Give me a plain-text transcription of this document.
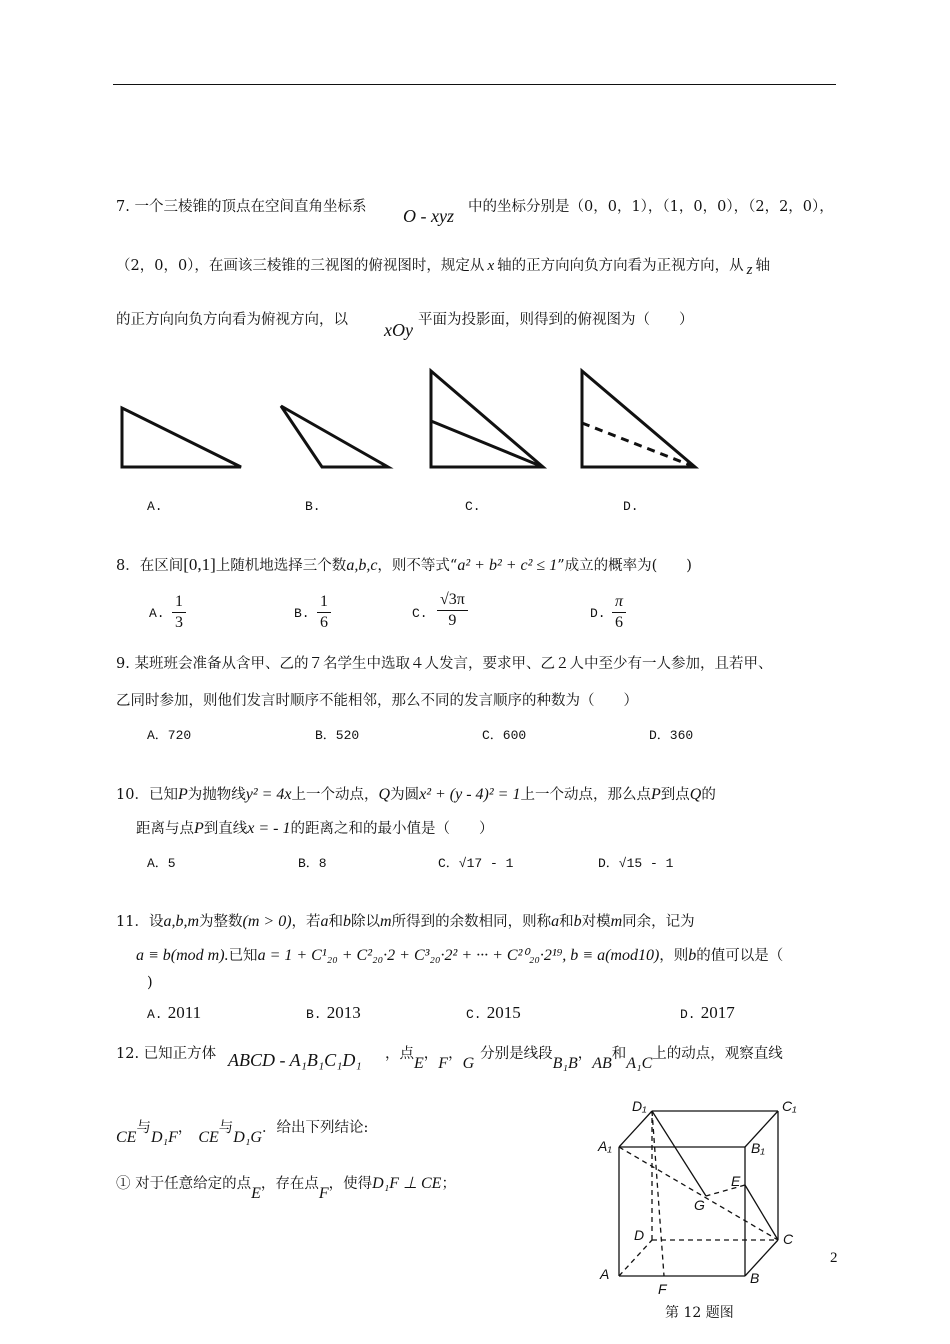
7. 一个三棱锥的顶点在空间直角坐标系 O - xyz 中的坐标分别是（0，0，1），（1，0，0），（2，2，0），
（2，0，0），在画该三棱锥的三视图的俯视图时，规定从 x 轴的正方向向负方向看为正视方向，从 z 轴
的正方向向负方向看为俯视方向，以 xOy 平面为投影面，则得到的俯视图为（　　）
A.	B.	C.	D.
8．在区间[0,1]上随机地选择三个数a,b,c，则不等式“a² + b² + c² ≤ 1”成立的概率为(　　)
A. $\frac{1}{3}$	B. $\frac{1}{6}$	C. $\frac{√3\pi}{9}$	D. $\frac{\pi}{6}$
9. 某班班会准备从含甲、乙的７名学生中选取４人发言，要求甲、乙２人中至少有一人参加，且若甲、
乙同时参加，则他们发言时顺序不能相邻，那么不同的发言顺序的种数为（　　）
A．720	B．520	C．600	D．360
10．已知P为抛物线y² = 4x上一个动点，Q为圆x² + (y - 4)² = 1上一个动点，那么点P到点Q的
距离与点P到直线x = - 1的距离之和的最小值是（　　）
A．5	B．8	C．√17 - 1	D．√15 - 1
11．设a,b,m为整数(m > 0)，若a和b除以m所得到的余数相同，则称a和b对模m同余，记为
a ≡ b(mod m).已知a = 1 + C¹₂₀ + C²₂₀·2 + C³₂₀·2² + ··· + C²⁰₂₀·2¹⁹, b ≡ a(mod10)，则b的值可以是（
)
A. 2011	B. 2013	C. 2015	D. 2017
12. 已知正方体 ABCD - A₁B₁C₁D₁ ，点E，F，G分别是线段B₁B，AB和A₁C上的动点，观察直线
CE与D₁F，CE与D₁G．给出下列结论:
① 对于任意给定的点E，存在点F，使得D₁F ⊥ CE；
D₁	C₁
A₁	B₁
E
G
D	C
A	B
F
第 12 题图
2
